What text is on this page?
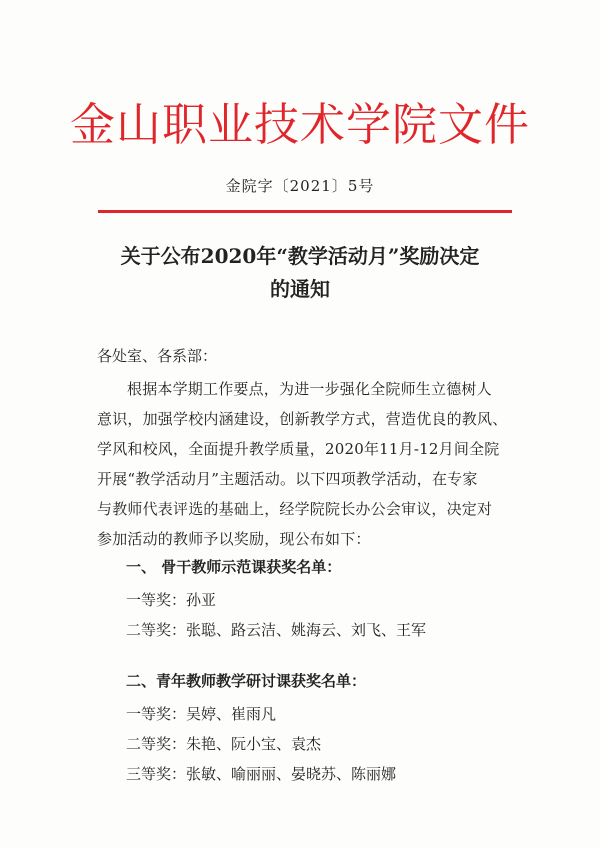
金山职业技术学院文件
金院字〔2021〕5号
关于公布2020年“教学活动月”奖励决定
的通知
各处室、各系部：
根据本学期工作要点，为进一步强化全院师生立德树人
意识，加强学校内涵建设，创新教学方式，营造优良的教风、
学风和校风，全面提升教学质量，2020年11月-12月间全院
开展“教学活动月”主题活动。以下四项教学活动，在专家
与教师代表评选的基础上，经学院院长办公会审议，决定对
参加活动的教师予以奖励，现公布如下：
一、 骨干教师示范课获奖名单：
一等奖：孙亚
二等奖：张聪、路云洁、姚海云、刘飞、王军
二、青年教师教学研讨课获奖名单：
一等奖：吴婷、崔雨凡
二等奖：朱艳、阮小宝、袁杰
三等奖：张敏、喻丽丽、晏晓苏、陈丽娜
